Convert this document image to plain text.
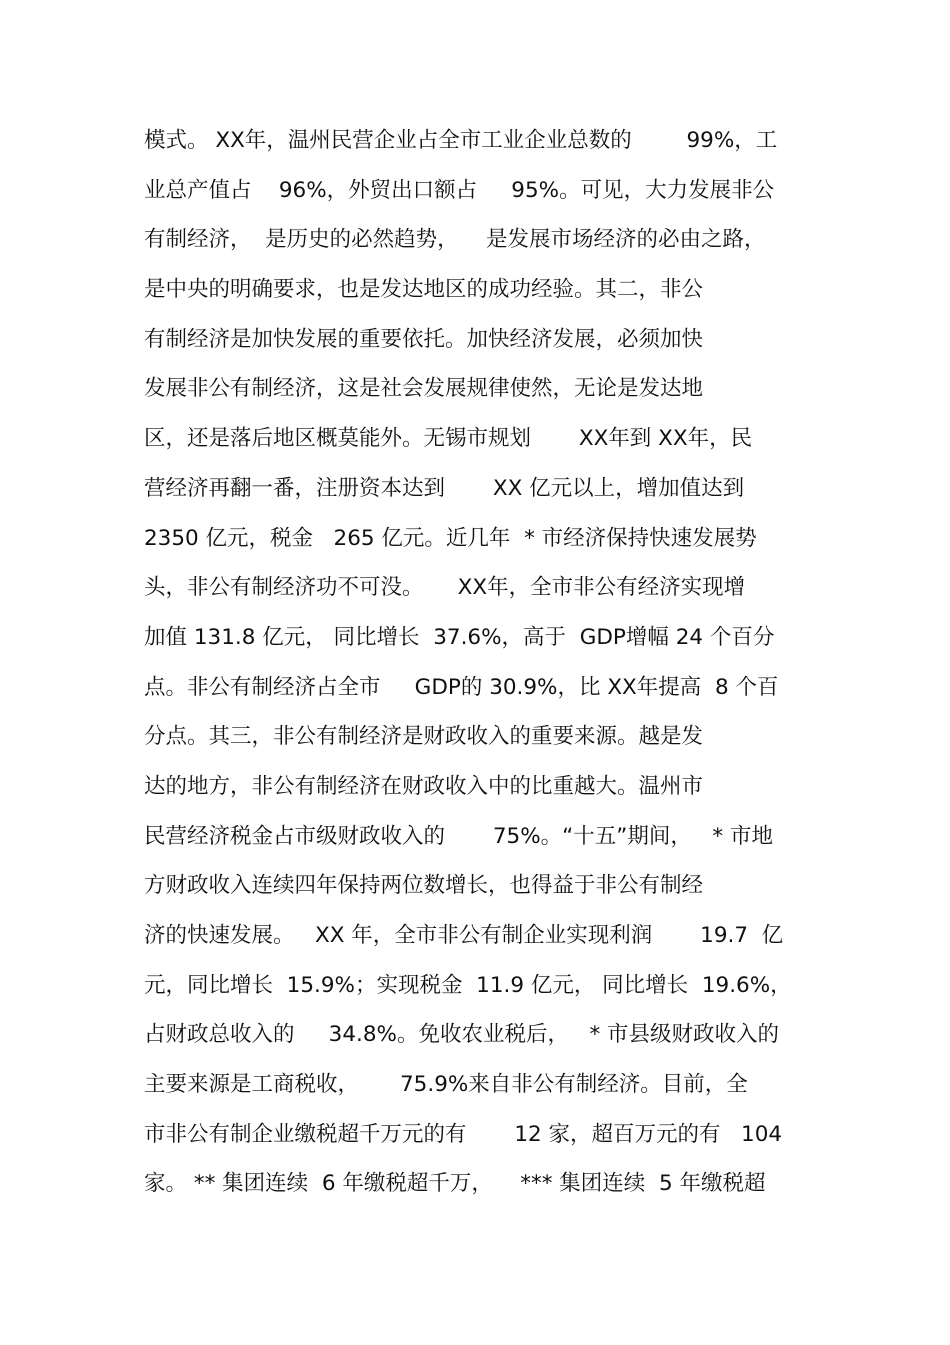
模式。 XX年，温州民营企业占全市工业企业总数的        99%，工
业总产值占    96%，外贸出口额占     95%。可见，大力发展非公
有制经济，  是历史的必然趋势，    是发展市场经济的必由之路，
是中央的明确要求，也是发达地区的成功经验。其二，非公
有制经济是加快发展的重要依托。加快经济发展，必须加快
发展非公有制经济，这是社会发展规律使然，无论是发达地
区，还是落后地区概莫能外。无锡市规划       XX年到 XX年，民
营经济再翻一番，注册资本达到       XX 亿元以上，增加值达到
2350 亿元，税金   265 亿元。近几年  * 市经济保持快速发展势
头，非公有制经济功不可没。     XX年，全市非公有经济实现增
加值 131.8 亿元， 同比增长  37.6%，高于  GDP增幅 24 个百分
点。非公有制经济占全市     GDP的 30.9%，比 XX年提高  8 个百
分点。其三，非公有制经济是财政收入的重要来源。越是发
达的地方，非公有制经济在财政收入中的比重越大。温州市
民营经济税金占市级财政收入的       75%。“十五”期间，   * 市地
方财政收入连续四年保持两位数增长，也得益于非公有制经
济的快速发展。   XX 年，全市非公有制企业实现利润       19.7  亿
元，同比增长  15.9%；实现税金  11.9 亿元， 同比增长  19.6%，
占财政总收入的     34.8%。免收农业税后，   * 市县级财政收入的
主要来源是工商税收，      75.9%来自非公有制经济。目前，全
市非公有制企业缴税超千万元的有       12 家，超百万元的有   104
家。 ** 集团连续  6 年缴税超千万，    *** 集团连续  5 年缴税超
